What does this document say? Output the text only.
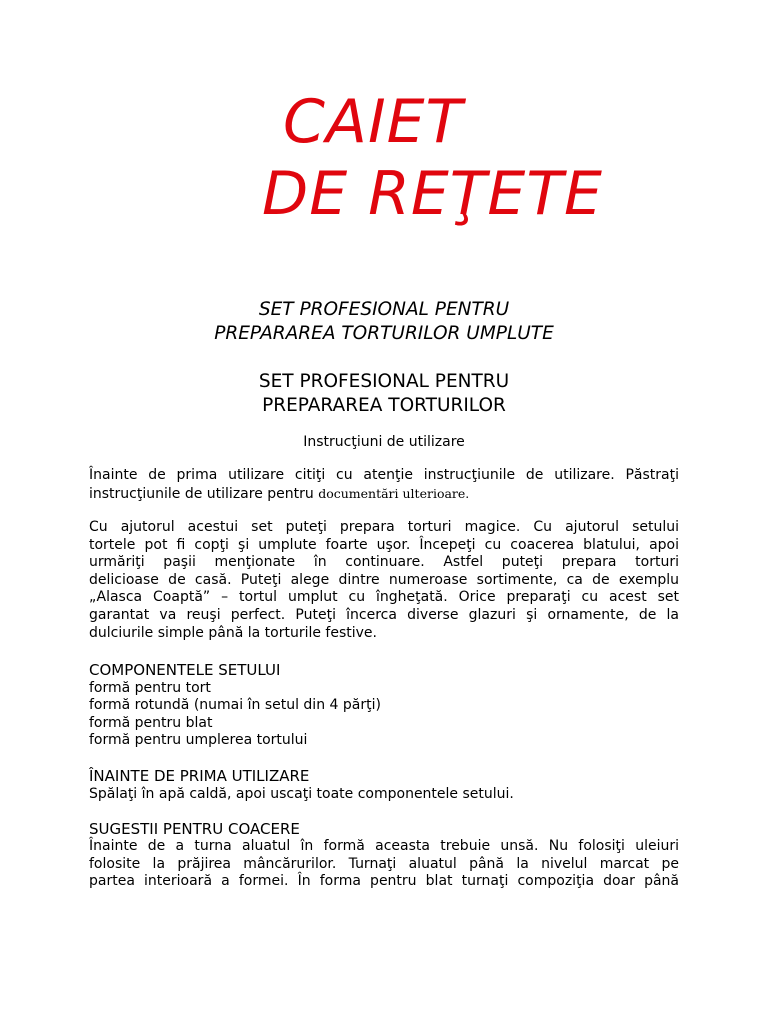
CAIET
DE REŢETE
SET PROFESIONAL PENTRU
PREPARAREA TORTURILOR UMPLUTE
SET PROFESIONAL PENTRU
PREPARAREA TORTURILOR
Instrucţiuni de utilizare
Înainte de prima utilizare citiţi cu atenţie instrucţiunile de utilizare. Păstraţi
instrucţiunile de utilizare pentru documentări ulterioare.
Cu ajutorul acestui set puteţi prepara torturi magice. Cu ajutorul setului
tortele pot fi copţi şi umplute foarte uşor. Începeţi cu coacerea blatului, apoi
urmăriţi paşii menţionate în continuare. Astfel puteţi prepara torturi
delicioase de casă. Puteţi alege dintre numeroase sortimente, ca de exemplu
„Alasca Coaptă” – tortul umplut cu îngheţată. Orice preparaţi cu acest set
garantat va reuşi perfect. Puteţi încerca diverse glazuri şi ornamente, de la
dulciurile simple până la torturile festive.
COMPONENTELE SETULUI
formă pentru tort
formă rotundă (numai în setul din 4 părţi)
formă pentru blat
formă pentru umplerea tortului
ÎNAINTE DE PRIMA UTILIZARE
Spălaţi în apă caldă, apoi uscaţi toate componentele setului.
SUGESTII PENTRU COACERE
Înainte de a turna aluatul în formă aceasta trebuie unsă. Nu folosiţi uleiuri
folosite la prăjirea mâncărurilor. Turnaţi aluatul până la nivelul marcat pe
partea interioară a formei. În forma pentru blat turnaţi compoziţia doar până
